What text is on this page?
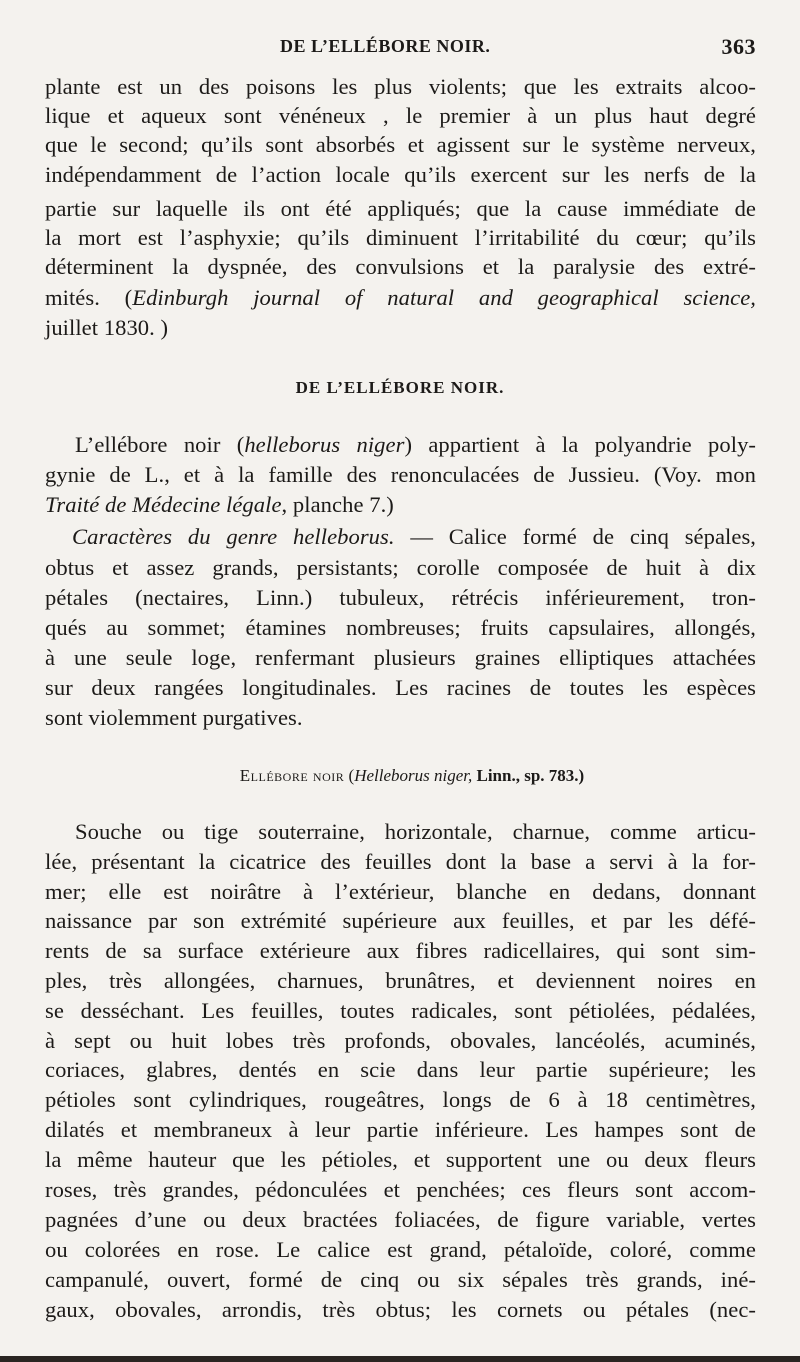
DE L’ELLÉBORE NOIR.	363
plante est un des poisons les plus violents; que les extraits alcoo-
lique et aqueux sont vénéneux , le premier à un plus haut degré
que le second; qu’ils sont absorbés et agissent sur le système nerveux,
indépendamment de l’action locale qu’ils exercent sur les nerfs de la
partie sur laquelle ils ont été appliqués; que la cause immédiate de
la mort est l’asphyxie; qu’ils diminuent l’irritabilité du cœur; qu’ils
déterminent la dyspnée, des convulsions et la paralysie des extré-
mités. (Edinburgh journal of natural and geographical science,
juillet 1830. )
DE L’ELLÉBORE NOIR.
L’ellébore noir (helleborus niger) appartient à la polyandrie poly-
gynie de L., et à la famille des renonculacées de Jussieu. (Voy. mon
Traité de Médecine légale, planche 7.)
Caractères du genre helleborus. — Calice formé de cinq sépales,
obtus et assez grands, persistants; corolle composée de huit à dix
pétales (nectaires, Linn.) tubuleux, rétrécis inférieurement, tron-
qués au sommet; étamines nombreuses; fruits capsulaires, allongés,
à une seule loge, renfermant plusieurs graines elliptiques attachées
sur deux rangées longitudinales. Les racines de toutes les espèces
sont violemment purgatives.
Ellébore noir (Helleborus niger, Linn., sp. 783.)
Souche ou tige souterraine, horizontale, charnue, comme articu-
lée, présentant la cicatrice des feuilles dont la base a servi à la for-
mer; elle est noirâtre à l’extérieur, blanche en dedans, donnant
naissance par son extrémité supérieure aux feuilles, et par les défé-
rents de sa surface extérieure aux fibres radicellaires, qui sont sim-
ples, très allongées, charnues, brunâtres, et deviennent noires en
se desséchant. Les feuilles, toutes radicales, sont pétiolées, pédalées,
à sept ou huit lobes très profonds, obovales, lancéolés, acuminés,
coriaces, glabres, dentés en scie dans leur partie supérieure; les
pétioles sont cylindriques, rougeâtres, longs de 6 à 18 centimètres,
dilatés et membraneux à leur partie inférieure. Les hampes sont de
la même hauteur que les pétioles, et supportent une ou deux fleurs
roses, très grandes, pédonculées et penchées; ces fleurs sont accom-
pagnées d’une ou deux bractées foliacées, de figure variable, vertes
ou colorées en rose. Le calice est grand, pétaloïde, coloré, comme
campanulé, ouvert, formé de cinq ou six sépales très grands, iné-
gaux, obovales, arrondis, très obtus; les cornets ou pétales (nec-
